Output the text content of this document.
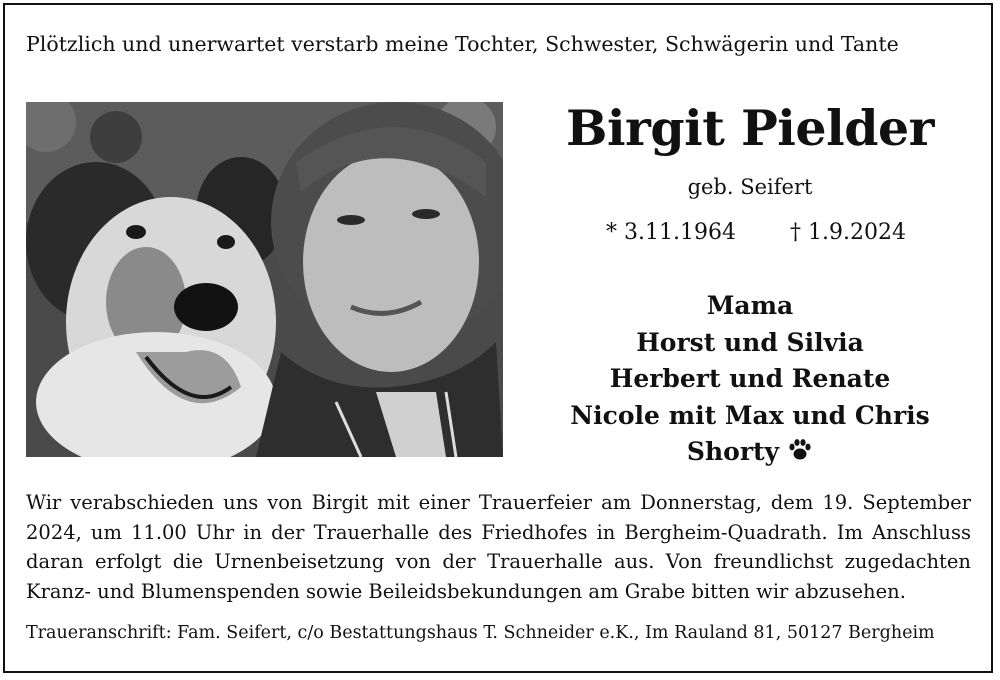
Plötzlich und unerwartet verstarb meine Tochter, Schwester, Schwägerin und Tante
Birgit Pielder
geb. Seifert
* 3.11.1964 † 1.9.2024
Mama
Horst und Silvia
Herbert und Renate
Nicole mit Max und Chris
Shorty
Wir verabschieden uns von Birgit mit einer Trauerfeier am Donnerstag, dem 19. September 2024, um 11.00 Uhr in der Trauerhalle des Friedhofes in Bergheim-Quadrath. Im Anschluss daran erfolgt die Urnenbeisetzung von der Trauerhalle aus. Von freundlichst zugedachten Kranz- und Blumenspenden sowie Beileidsbekundungen am Grabe bitten wir abzusehen.
Traueranschrift: Fam. Seifert, c/o Bestattungshaus T. Schneider e.K., Im Rauland 81, 50127 Bergheim
